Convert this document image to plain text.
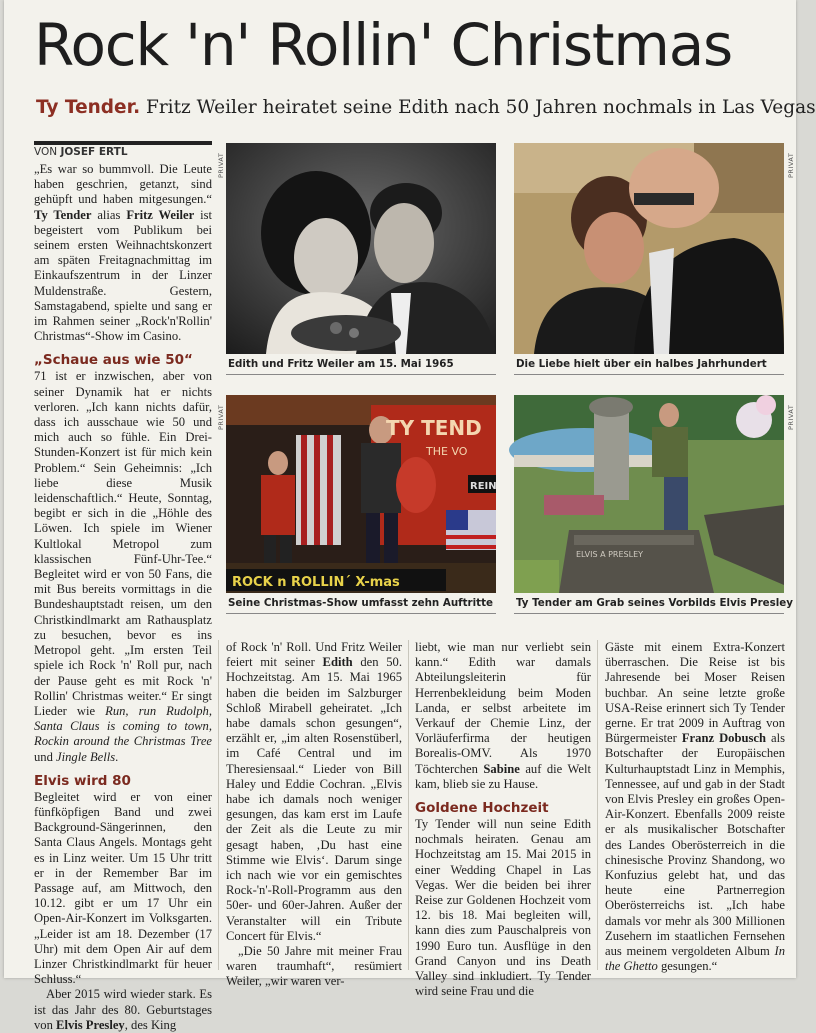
Rock 'n' Rollin' Christmas
Ty Tender. Fritz Weiler heiratet seine Edith nach 50 Jahren nochmals in Las Vegas
VON JOSEF ERTL

„Es war so bummvoll. Die Leute haben geschrien, getanzt, sind gehüpft und haben mitgesungen.“ Ty Tender alias Fritz Weiler ist begeistert vom Publikum bei seinem ersten Weihnachtskonzert am späten Freitagnachmittag im Einkaufszentrum in der Linzer Muldenstraße. Gestern, Samstagabend, spielte und sang er im Rahmen seiner „Rock'n'Rollin' Christmas“-Show im Casino.

„Schaue aus wie 50“

71 ist er inzwischen, aber von seiner Dynamik hat er nichts verloren. „Ich kann nichts dafür, dass ich ausschaue wie 50 und mich auch so fühle. Ein Drei-Stunden-Konzert ist für mich kein Problem.“ Sein Geheimnis: „Ich liebe diese Musik leidenschaftlich.“ Heute, Sonntag, begibt er sich in die „Höhle des Löwen. Ich spiele im Wiener Kultlokal Metropol zum klassischen Fünf-Uhr-Tee.“ Begleitet wird er von 50 Fans, die mit Bus bereits vormittags in die Bundeshauptstadt reisen, um den Christkindlmarkt am Rathausplatz zu besuchen, bevor es ins Metropol geht. „Im ersten Teil spiele ich Rock 'n' Roll pur, nach der Pause geht es mit Rock 'n' Rollin' Christmas weiter.“ Er singt Lieder wie Run, run Rudolph, Santa Claus is coming to town, Rockin around the Christmas Tree und Jingle Bells.

Elvis wird 80

Begleitet wird er von einer fünfköpfigen Band und zwei Background-Sängerinnen, den Santa Claus Angels. Montags geht es in Linz weiter. Um 15 Uhr tritt er in der Remember Bar im Passage auf, am Mittwoch, den 10.12. gibt er um 17 Uhr ein Open-Air-Konzert im Volksgarten. „Leider ist am 18. Dezember (17 Uhr) mit dem Open Air auf dem Linzer Christkindlmarkt für heuer Schluss.“

Aber 2015 wird wieder stark. Es ist das Jahr des 80. Geburtstages von Elvis Presley, des King

PRIVAT
Edith und Fritz Weiler am 15. Mai 1965
PRIVAT
Die Liebe hielt über ein halbes Jahrhundert
TY TEND
THE VO
REIN
ROCK n ROLLIN´ X-mas
PRIVAT
Seine Christmas-Show umfasst zehn Auftritte
ELVIS A PRESLEY
PRIVAT
Ty Tender am Grab seines Vorbilds Elvis Presley

of Rock 'n' Roll. Und Fritz Weiler feiert mit seiner Edith den 50. Hochzeitstag. Am 15. Mai 1965 haben die beiden im Salzburger Schloß Mirabell geheiratet. „Ich habe damals schon gesungen“, erzählt er, „im alten Rosenstüberl, im Café Central und im Theresiensaal.“ Lieder von Bill Haley und Eddie Cochran. „Elvis habe ich damals noch weniger gesungen, das kam erst im Laufe der Zeit als die Leute zu mir gesagt haben, ‚Du hast eine Stimme wie Elvis‘. Darum singe ich nach wie vor ein gemischtes Rock-'n'-Roll-Programm aus den 50er- und 60er-Jahren. Außer der Veranstalter will ein Tribute Concert für Elvis.“

„Die 50 Jahre mit meiner Frau waren traumhaft“, resümiert Weiler, „wir waren ver-

liebt, wie man nur verliebt sein kann.“ Edith war damals Abteilungsleiterin für Herrenbekleidung beim Moden Landa, er selbst arbeitete im Verkauf der Chemie Linz, der Vorläuferfirma der heutigen Borealis-OMV. Als 1970 Töchterchen Sabine auf die Welt kam, blieb sie zu Hause.

Goldene Hochzeit

Ty Tender will nun seine Edith nochmals heiraten. Genau am Hochzeitstag am 15. Mai 2015 in einer Wedding Chapel in Las Vegas. Wer die beiden bei ihrer Reise zur Goldenen Hochzeit vom 12. bis 18. Mai begleiten will, kann dies zum Pauschalpreis von 1990 Euro tun. Ausflüge in den Grand Canyon und ins Death Valley sind inkludiert. Ty Tender wird seine Frau und die

Gäste mit einem Extra-Konzert überraschen. Die Reise ist bis Jahresende bei Moser Reisen buchbar. An seine letzte große USA-Reise erinnert sich Ty Tender gerne. Er trat 2009 in Auftrag von Bürgermeister Franz Dobusch als Botschafter der Europäischen Kulturhauptstadt Linz in Memphis, Tennessee, auf und gab in der Stadt von Elvis Presley ein großes Open-Air-Konzert. Ebenfalls 2009 reiste er als musikalischer Botschafter des Landes Oberösterreich in die chinesische Provinz Shandong, wo Konfuzius gelebt hat, und das heute eine Partnerregion Oberösterreichs ist. „Ich habe damals vor mehr als 300 Millionen Zusehern im staatlichen Fernsehen aus meinem vergoldeten Album In the Ghetto gesungen.“
